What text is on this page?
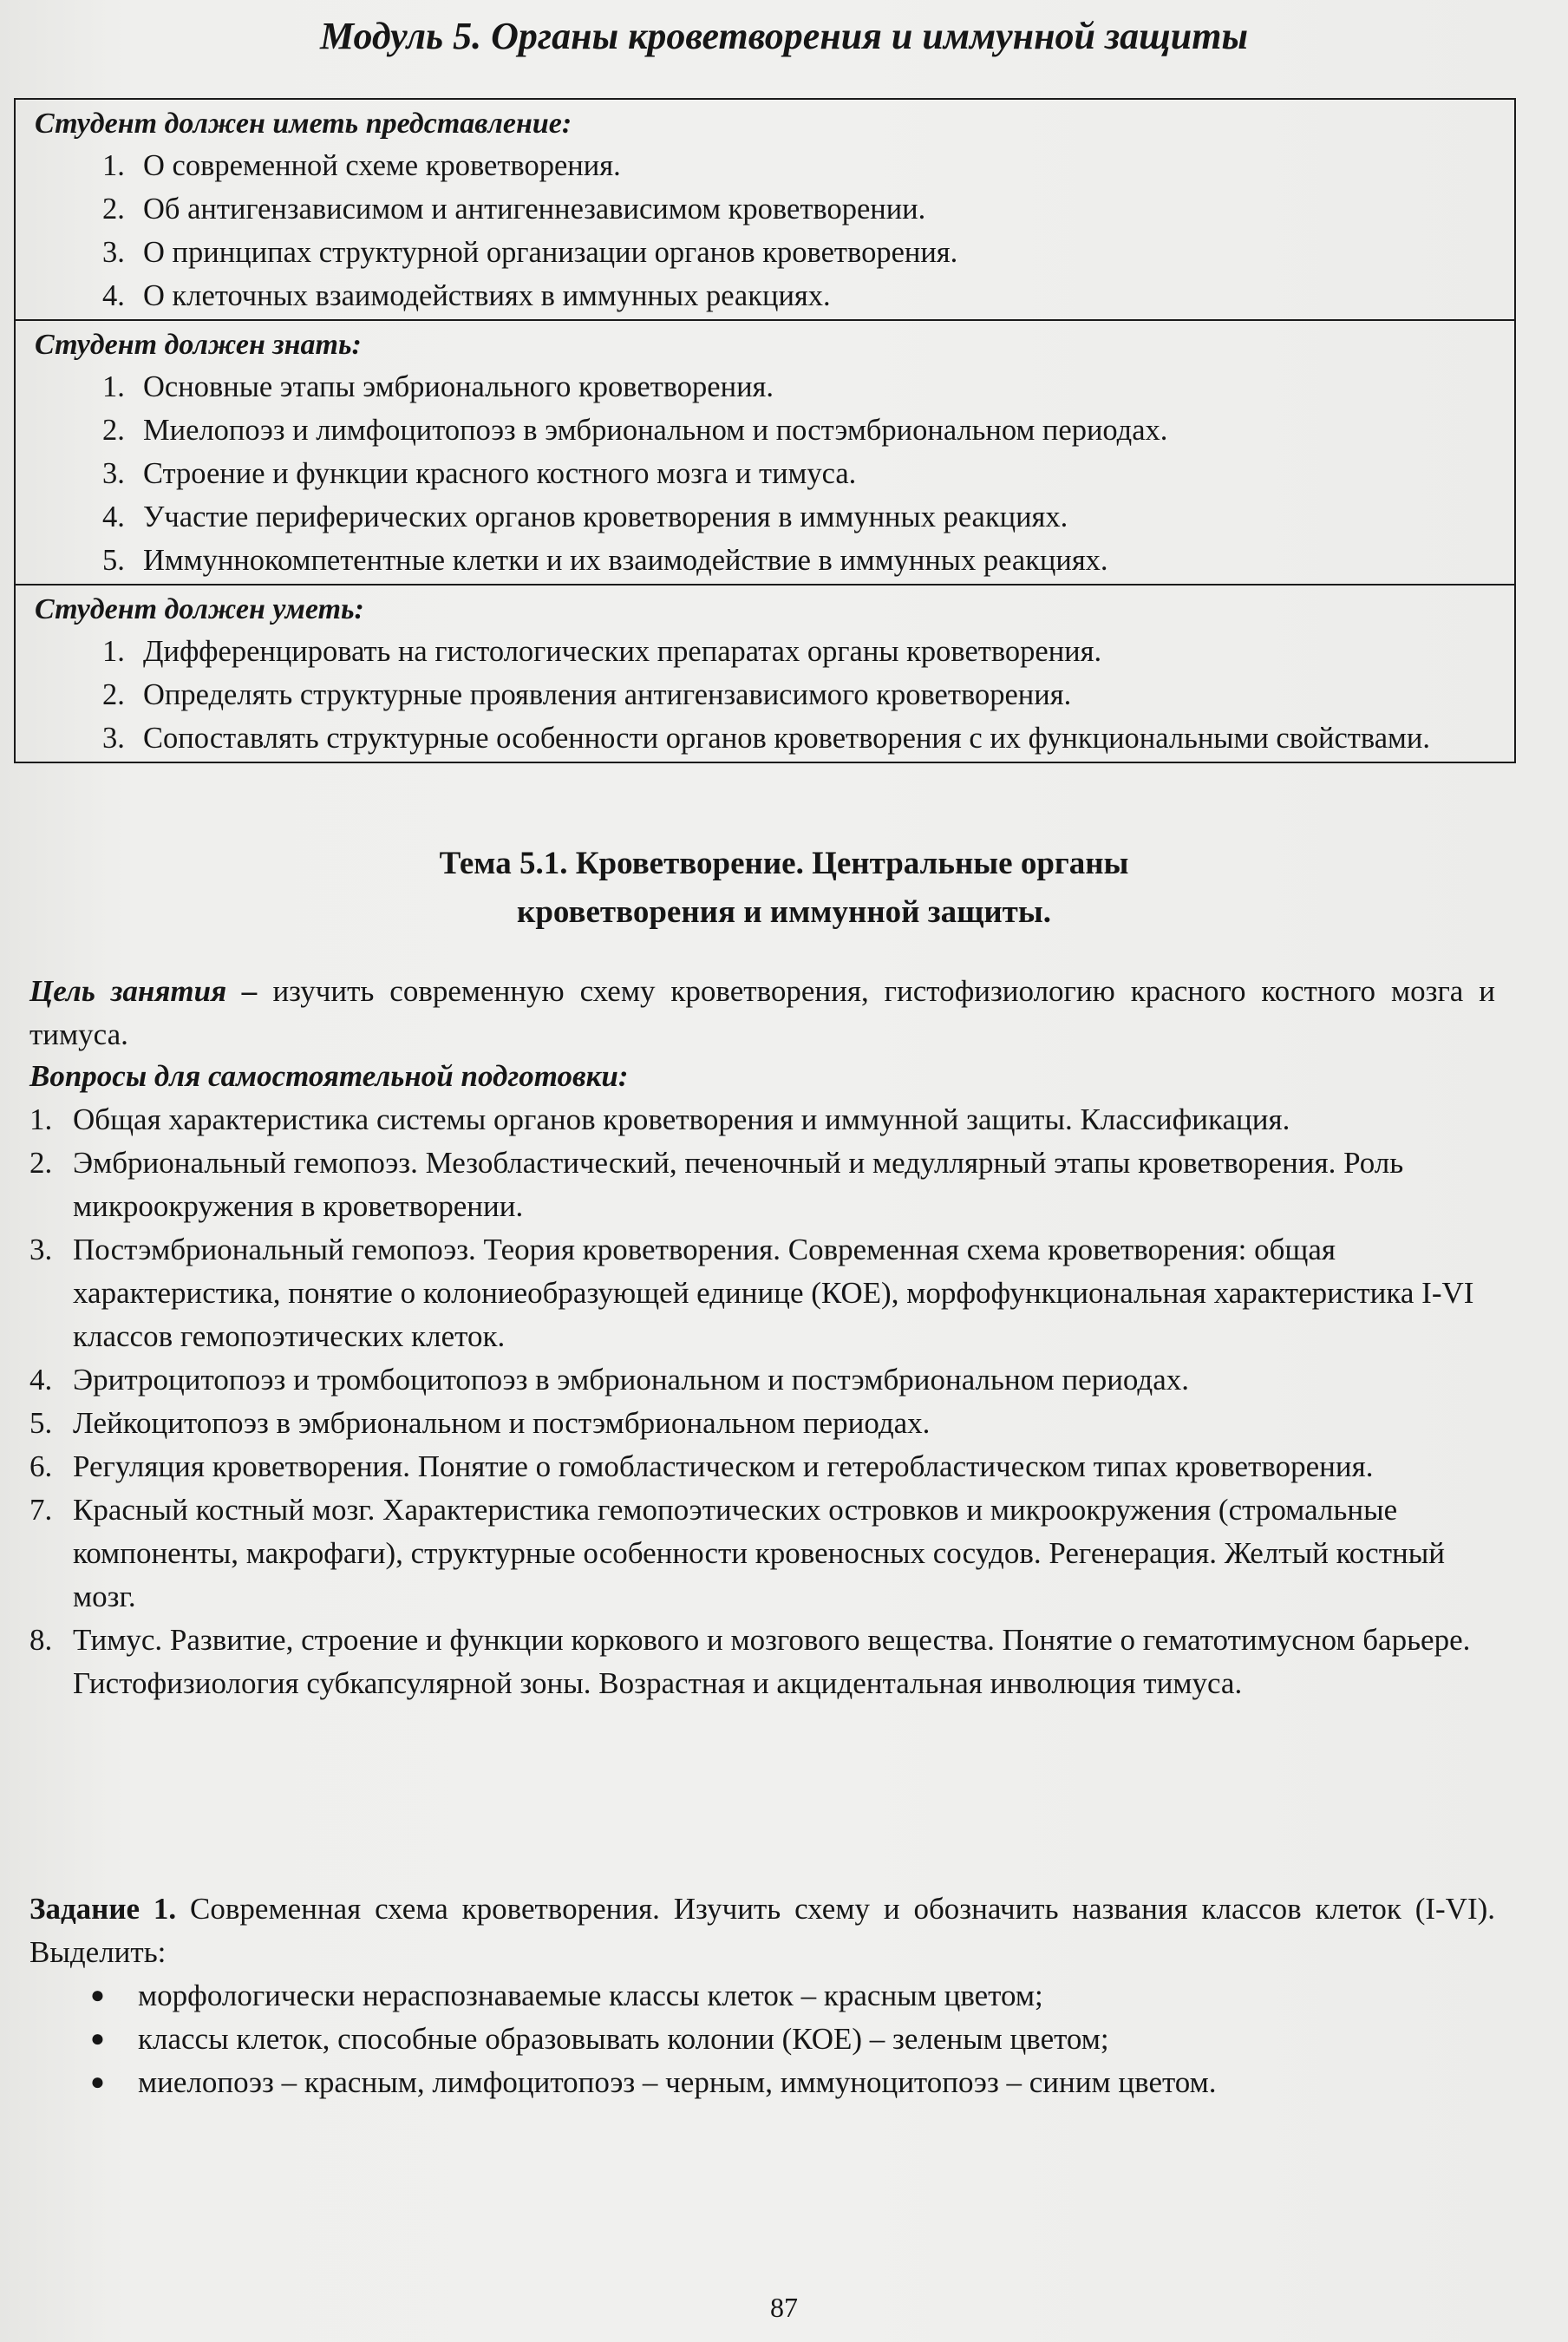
Модуль 5. Органы кроветворения и иммунной защиты
Студент должен иметь представление:
1. О современной схеме кроветворения.
2. Об антигензависимом и антигеннезависимом кроветворении.
3. О принципах структурной организации органов кроветворения.
4. О клеточных взаимодействиях в иммунных реакциях.
Студент должен знать:
1. Основные этапы эмбрионального кроветворения.
2. Миелопоэз и лимфоцитопоэз в эмбриональном и постэмбриональном периодах.
3. Строение и функции красного костного мозга и тимуса.
4. Участие периферических органов кроветворения в иммунных реакциях.
5. Иммуннокомпетентные клетки и их взаимодействие в иммунных реакциях.
Студент должен уметь:
1. Дифференцировать на гистологических препаратах органы кроветворения.
2. Определять структурные проявления антигензависимого кроветворения.
3. Сопоставлять структурные особенности органов кроветворения с их функциональными свойствами.
Тема 5.1. Кроветворение. Центральные органы
кроветворения и иммунной защиты.
Цель занятия – изучить современную схему кроветворения, гистофизиологию красного костного мозга и тимуса.
Вопросы для самостоятельной подготовки:
1. Общая характеристика системы органов кроветворения и иммунной защиты. Классификация.
2. Эмбриональный гемопоэз. Мезобластический, печеночный и медуллярный этапы кроветворения. Роль микроокружения в кроветворении.
3. Постэмбриональный гемопоэз. Теория кроветворения. Современная схема кроветворения: общая характеристика, понятие о колониеобразующей единице (КОЕ), морфофункциональная характеристика I-VI классов гемопоэтических клеток.
4. Эритроцитопоэз и тромбоцитопоэз в эмбриональном и постэмбриональном периодах.
5. Лейкоцитопоэз в эмбриональном и постэмбриональном периодах.
6. Регуляция кроветворения. Понятие о гомобластическом и гетеробластическом типах кроветворения.
7. Красный костный мозг. Характеристика гемопоэтических островков и микроокружения (стромальные компоненты, макрофаги), структурные особенности кровеносных сосудов. Регенерация. Желтый костный мозг.
8. Тимус. Развитие, строение и функции коркового и мозгового вещества. Понятие о гематотимусном барьере. Гистофизиология субкапсулярной зоны. Возрастная и акцидентальная инволюция тимуса.
Задание 1. Современная схема кроветворения. Изучить схему и обозначить названия классов клеток (I-VI). Выделить:
● морфологически нераспознаваемые классы клеток – красным цветом;
● классы клеток, способные образовывать колонии (КОЕ) – зеленым цветом;
● миелопоэз – красным, лимфоцитопоэз – черным, иммуноцитопоэз – синим цветом.
87
